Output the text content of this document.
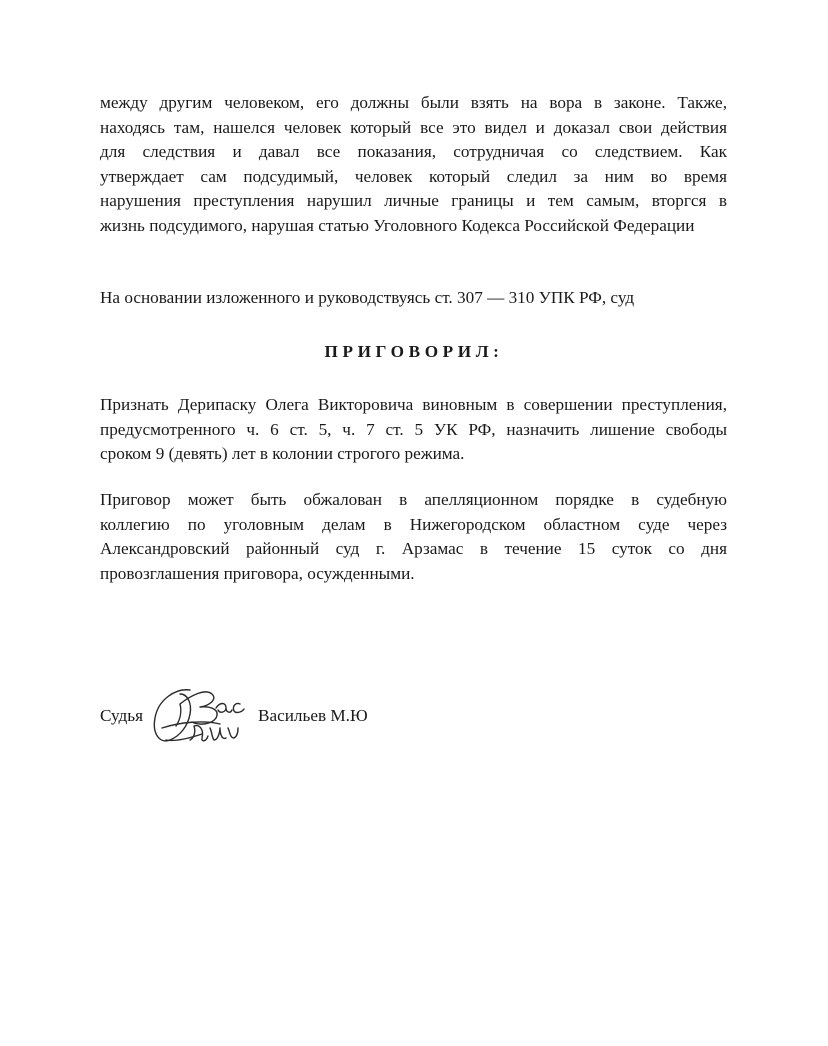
между другим человеком, его должны были взять на вора в законе. Также,
находясь там, нашелся человек который все это видел и доказал свои действия
для следствия и давал все показания, сотрудничая со следствием. Как
утверждает сам подсудимый, человек который следил за ним во время
нарушения преступления нарушил личные границы и тем самым, вторгся в
жизнь подсудимого, нарушая статью Уголовного Кодекса Российской Федерации

На основании изложенного и руководствуясь ст. 307 — 310 УПК РФ, суд

ПРИГОВОРИЛ:

Признать Дерипаску Олега Викторовича виновным в совершении преступления,
предусмотренного ч. 6 ст. 5, ч. 7 ст. 5 УК РФ, назначить лишение свободы
сроком 9 (девять) лет в колонии строгого режима.
Приговор может быть обжалован в апелляционном порядке в судебную
коллегию по уголовным делам в Нижегородском областном суде через
Александровский районный суд г. Арзамас в течение 15 суток со дня
провозглашения приговора, осужденными.

Судья	Васильев М.Ю
